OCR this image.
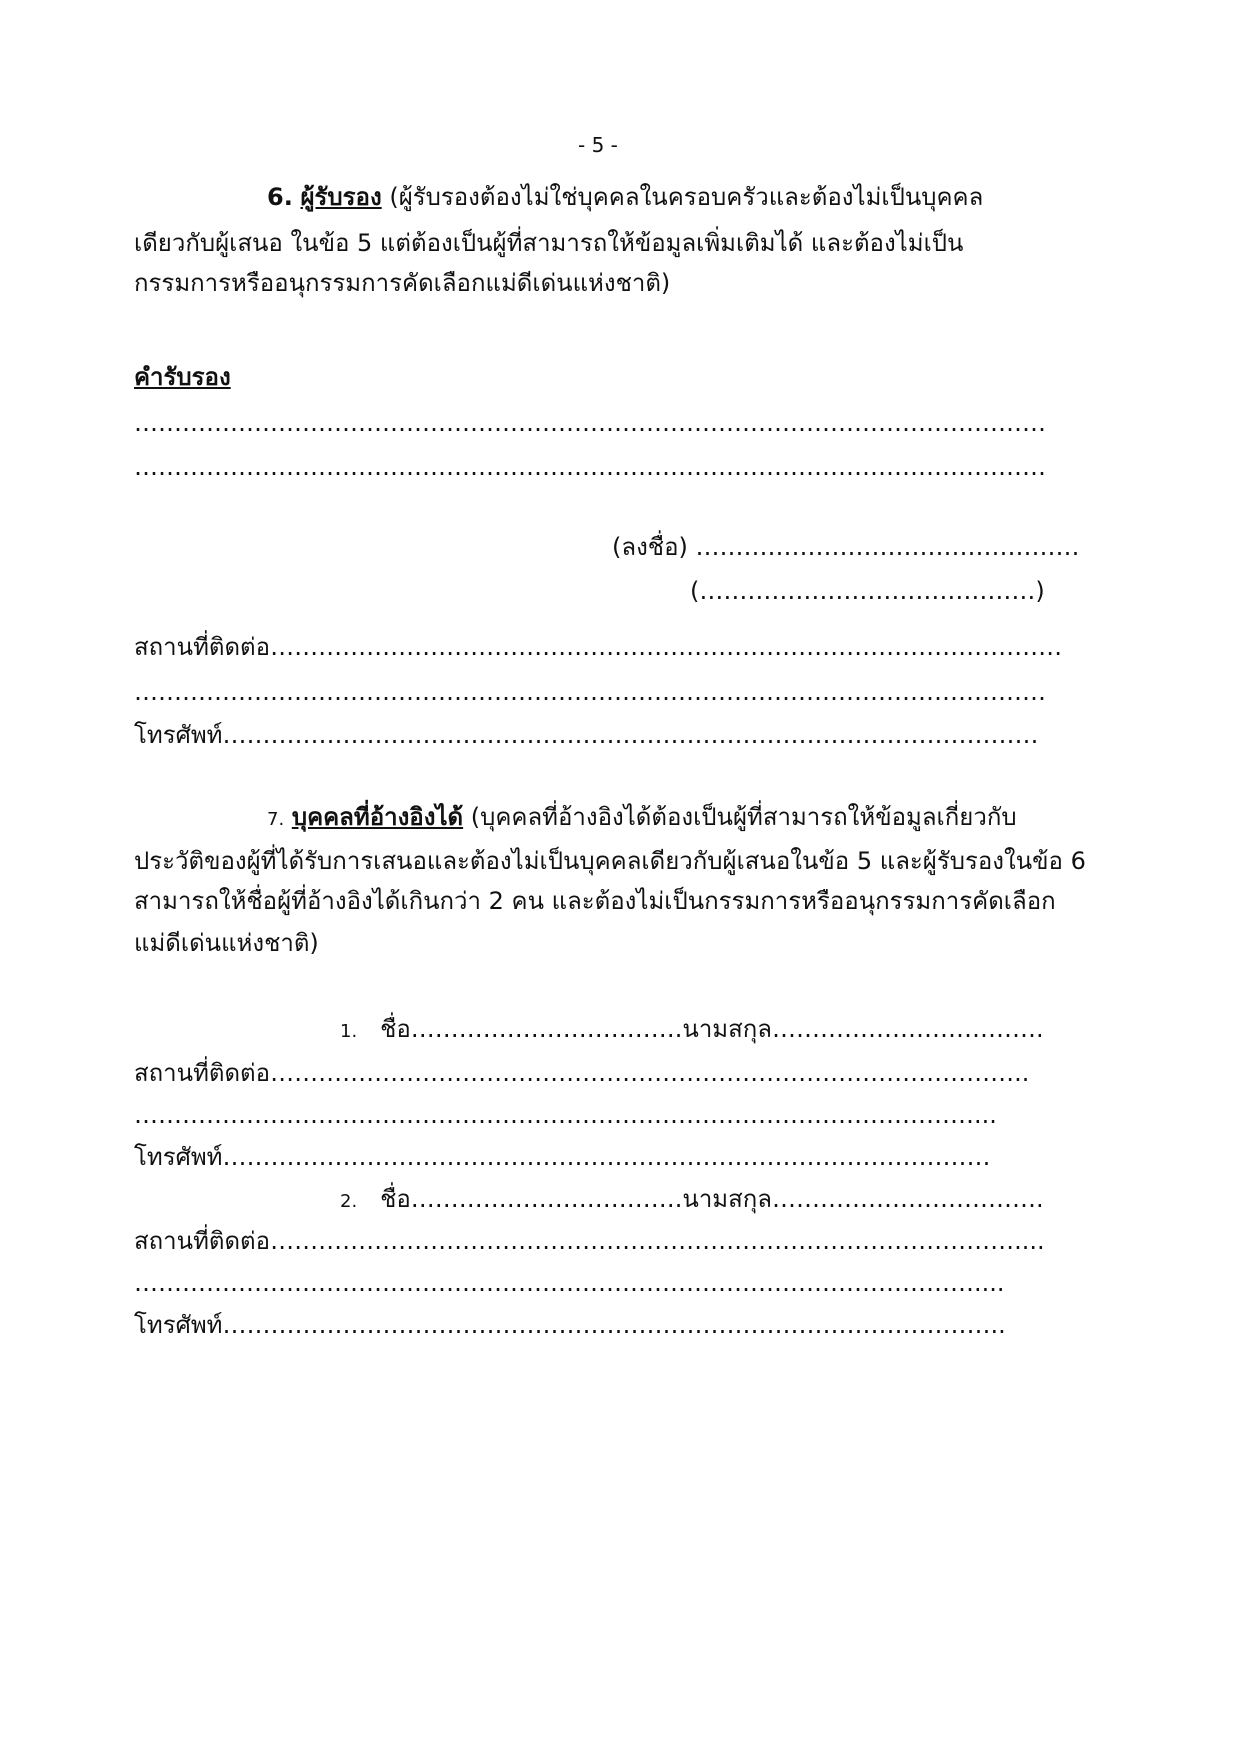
- 5 -
6. ผู้รับรอง (ผู้รับรองต้องไม่ใช่บุคคลในครอบครัวและต้องไม่เป็นบุคคล
เดียวกับผู้เสนอ ในข้อ 5 แต่ต้องเป็นผู้ที่สามารถให้ข้อมูลเพิ่มเติมได้ และต้องไม่เป็น
กรรมการหรืออนุกรรมการคัดเลือกแม่ดีเด่นแห่งชาติ)
คำรับรอง
……………………………………………………………………………………………………
……………………………………………………………………………………………………
(ลงชื่อ) …………………………………………
(……………………………………)
สถานที่ติดต่อ………………………………………………………………………………………
……………………………………………………………………………………………………
โทรศัพท์…………………………………………………………………………………………
7. บุคคลที่อ้างอิงได้ (บุคคลที่อ้างอิงได้ต้องเป็นผู้ที่สามารถให้ข้อมูลเกี่ยวกับ
ประวัติของผู้ที่ได้รับการเสนอและต้องไม่เป็นบุคคลเดียวกับผู้เสนอในข้อ 5 และผู้รับรองในข้อ 6
สามารถให้ชื่อผู้ที่อ้างอิงได้เกินกว่า 2 คน และต้องไม่เป็นกรรมการหรืออนุกรรมการคัดเลือก
แม่ดีเด่นแห่งชาติ)
1. ชื่อ…………………………….นามสกุล…………………………….
สถานที่ติดต่อ…………………………………………………………………………………..
……………………………………………………………………………………………...
โทรศัพท์……………………………………………………………………………………
2. ชื่อ…………………………….นามสกุล…………………………….
สถานที่ติดต่อ…………………………………………………………………………………....
……………………………………………………………………………………………....
โทรศัพท์……………………………………………………………………………………..
